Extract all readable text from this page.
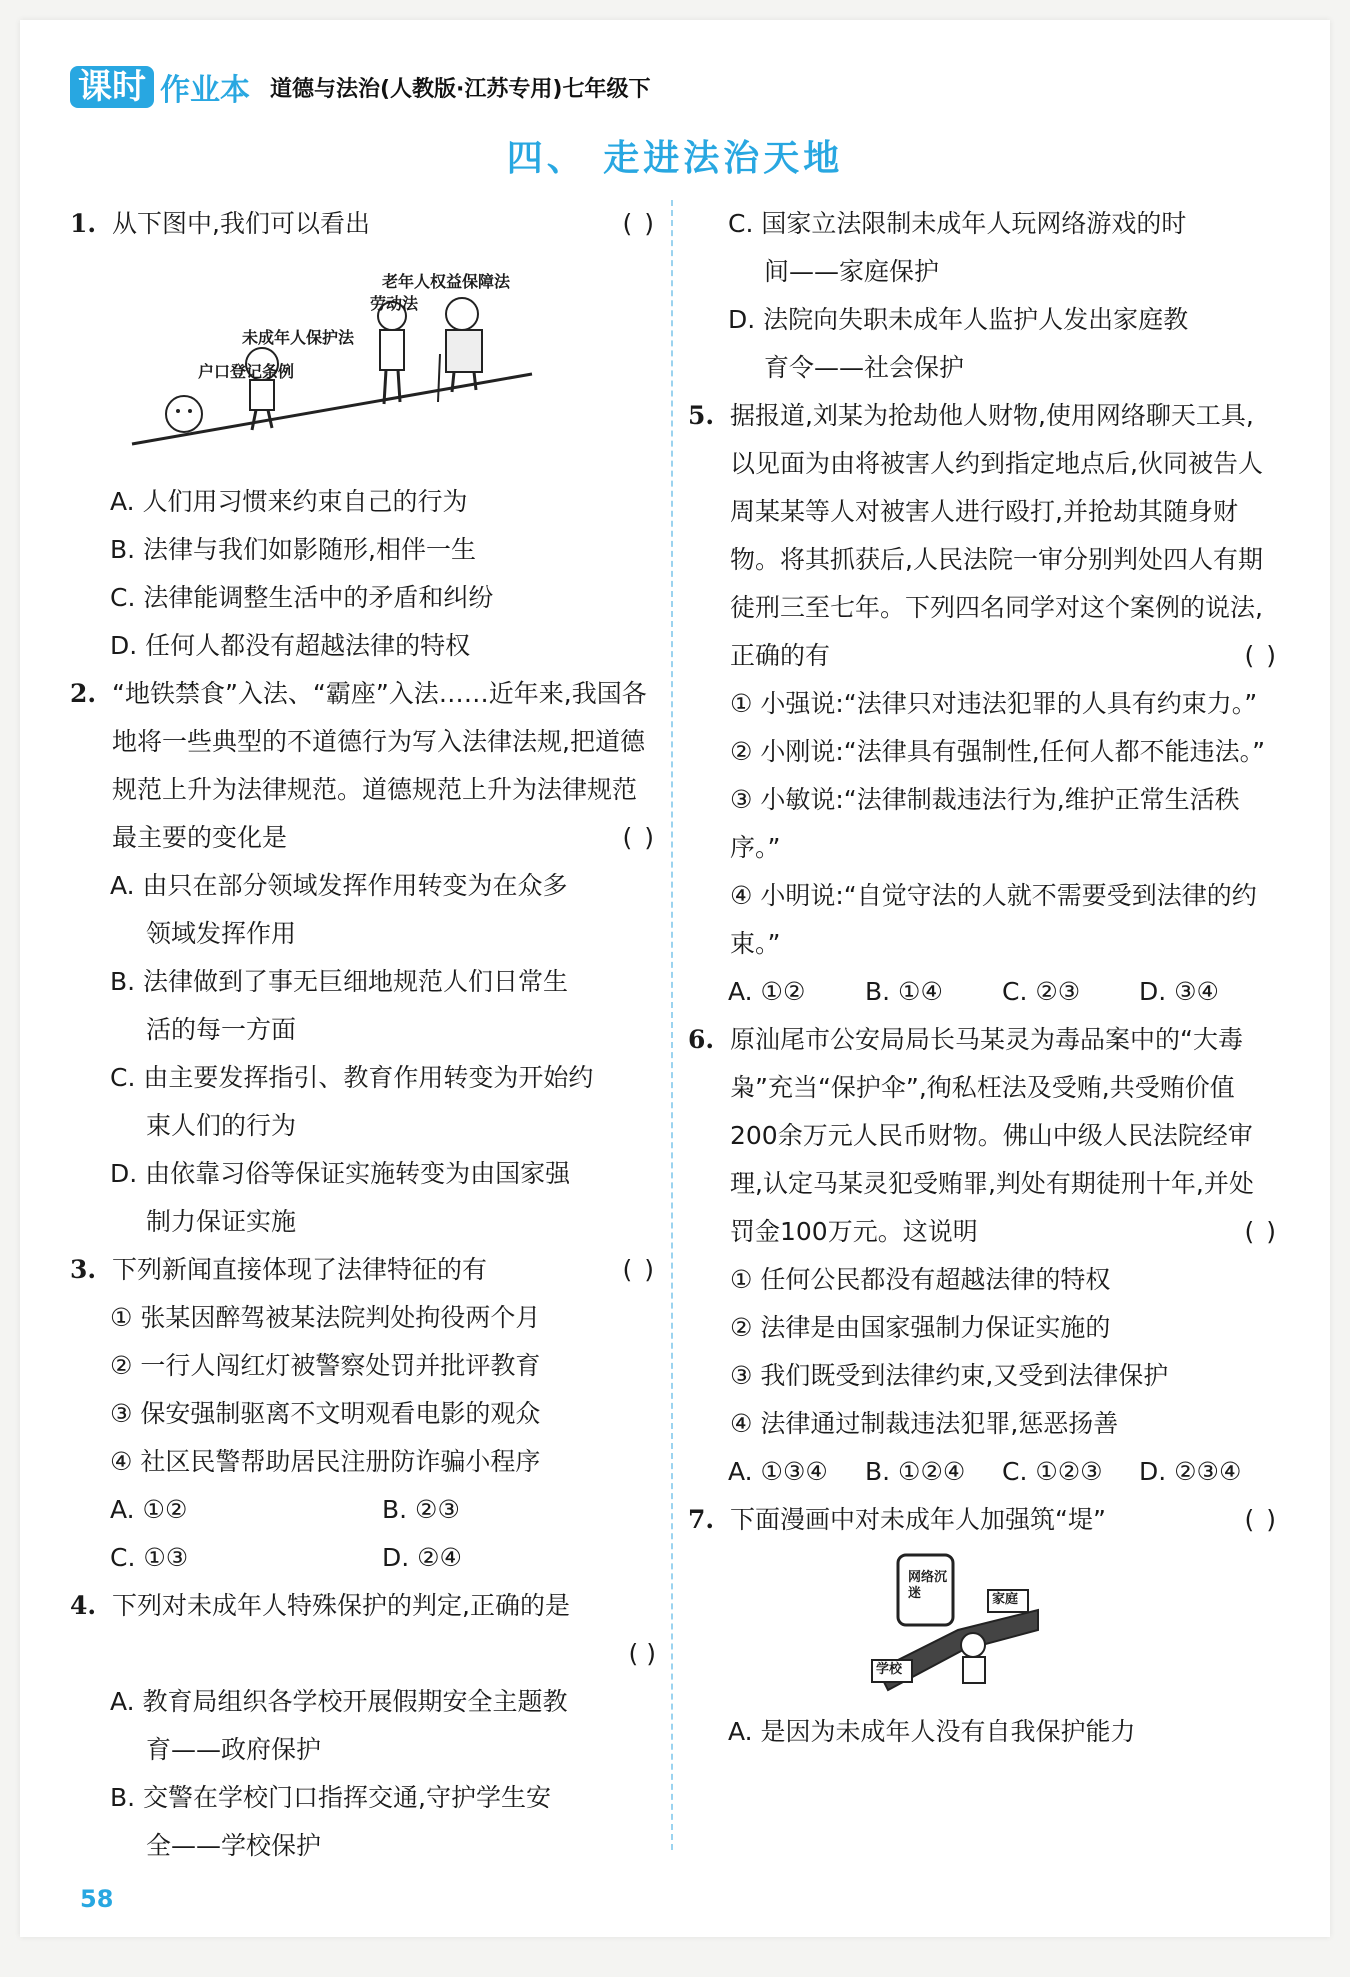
课时 作业本 道德与法治(人教版·江苏专用)七年级下
四、 走进法治天地
1. 从下图中,我们可以看出	( )
老年人权益保障法
劳动法
未成年人保护法
户口登记条例
A. 人们用习惯来约束自己的行为
B. 法律与我们如影随形,相伴一生
C. 法律能调整生活中的矛盾和纠纷
D. 任何人都没有超越法律的特权
2. “地铁禁食”入法、“霸座”入法……近年来,我国各地将一些典型的不道德行为写入法律法规,把道德规范上升为法律规范。道德规范上升为法律规范最主要的变化是	( )
A. 由只在部分领域发挥作用转变为在众多
领域发挥作用
B. 法律做到了事无巨细地规范人们日常生
活的每一方面
C. 由主要发挥指引、教育作用转变为开始约
束人们的行为
D. 由依靠习俗等保证实施转变为由国家强
制力保证实施
3. 下列新闻直接体现了法律特征的有	( )
① 张某因醉驾被某法院判处拘役两个月
② 一行人闯红灯被警察处罚并批评教育
③ 保安强制驱离不文明观看电影的观众
④ 社区民警帮助居民注册防诈骗小程序
A. ①②	B. ②③
C. ①③	D. ②④
4. 下列对未成年人特殊保护的判定,正确的是
( )
A. 教育局组织各学校开展假期安全主题教
育——政府保护
B. 交警在学校门口指挥交通,守护学生安
全——学校保护
C. 国家立法限制未成年人玩网络游戏的时
间——家庭保护
D. 法院向失职未成年人监护人发出家庭教
育令——社会保护
5. 据报道,刘某为抢劫他人财物,使用网络聊天工具,以见面为由将被害人约到指定地点后,伙同被告人周某某等人对被害人进行殴打,并抢劫其随身财物。将其抓获后,人民法院一审分别判处四人有期徒刑三至七年。下列四名同学对这个案例的说法,正确的有	( )
① 小强说:“法律只对违法犯罪的人具有约束力。”
② 小刚说:“法律具有强制性,任何人都不能违法。”
③ 小敏说:“法律制裁违法行为,维护正常生活秩序。”
④ 小明说:“自觉守法的人就不需要受到法律的约束。”
A. ①②	B. ①④	C. ②③	D. ③④
6. 原汕尾市公安局局长马某灵为毒品案中的“大毒枭”充当“保护伞”,徇私枉法及受贿,共受贿价值200余万元人民币财物。佛山中级人民法院经审理,认定马某灵犯受贿罪,判处有期徒刑十年,并处罚金100万元。这说明	( )
① 任何公民都没有超越法律的特权
② 法律是由国家强制力保证实施的
③ 我们既受到法律约束,又受到法律保护
④ 法律通过制裁违法犯罪,惩恶扬善
A. ①③④	B. ①②④	C. ①②③	D. ②③④
7. 下面漫画中对未成年人加强筑“堤”	( )
网络沉迷	家庭
学校
A. 是因为未成年人没有自我保护能力
58
